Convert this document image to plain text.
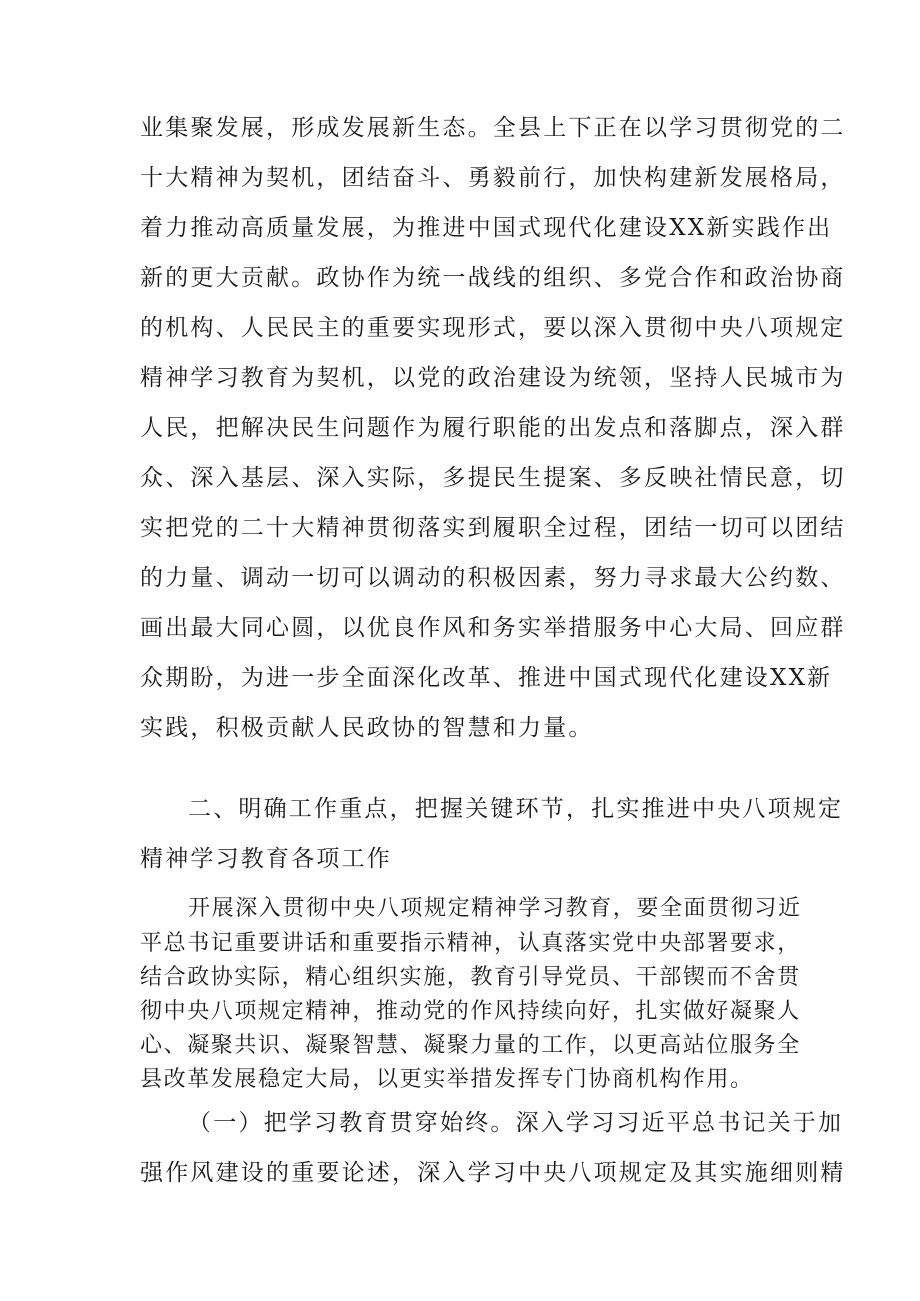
业集聚发展，形成发展新生态。全县上下正在以学习贯彻党的二
十大精神为契机，团结奋斗、勇毅前行，加快构建新发展格局，
着力推动高质量发展，为推进中国式现代化建设XX新实践作出
新的更大贡献。政协作为统一战线的组织、多党合作和政治协商
的机构、人民民主的重要实现形式，要以深入贯彻中央八项规定
精神学习教育为契机，以党的政治建设为统领，坚持人民城市为
人民，把解决民生问题作为履行职能的出发点和落脚点，深入群
众、深入基层、深入实际，多提民生提案、多反映社情民意，切
实把党的二十大精神贯彻落实到履职全过程，团结一切可以团结
的力量、调动一切可以调动的积极因素，努力寻求最大公约数、
画出最大同心圆，以优良作风和务实举措服务中心大局、回应群
众期盼，为进一步全面深化改革、推进中国式现代化建设XX新
实践，积极贡献人民政协的智慧和力量。
二、明确工作重点，把握关键环节，扎实推进中央八项规定
精神学习教育各项工作
开展深入贯彻中央八项规定精神学习教育，要全面贯彻习近
平总书记重要讲话和重要指示精神，认真落实党中央部署要求，
结合政协实际，精心组织实施，教育引导党员、干部锲而不舍贯
彻中央八项规定精神，推动党的作风持续向好，扎实做好凝聚人
心、凝聚共识、凝聚智慧、凝聚力量的工作，以更高站位服务全
县改革发展稳定大局，以更实举措发挥专门协商机构作用。
（一）把学习教育贯穿始终。深入学习习近平总书记关于加
强作风建设的重要论述，深入学习中央八项规定及其实施细则精
